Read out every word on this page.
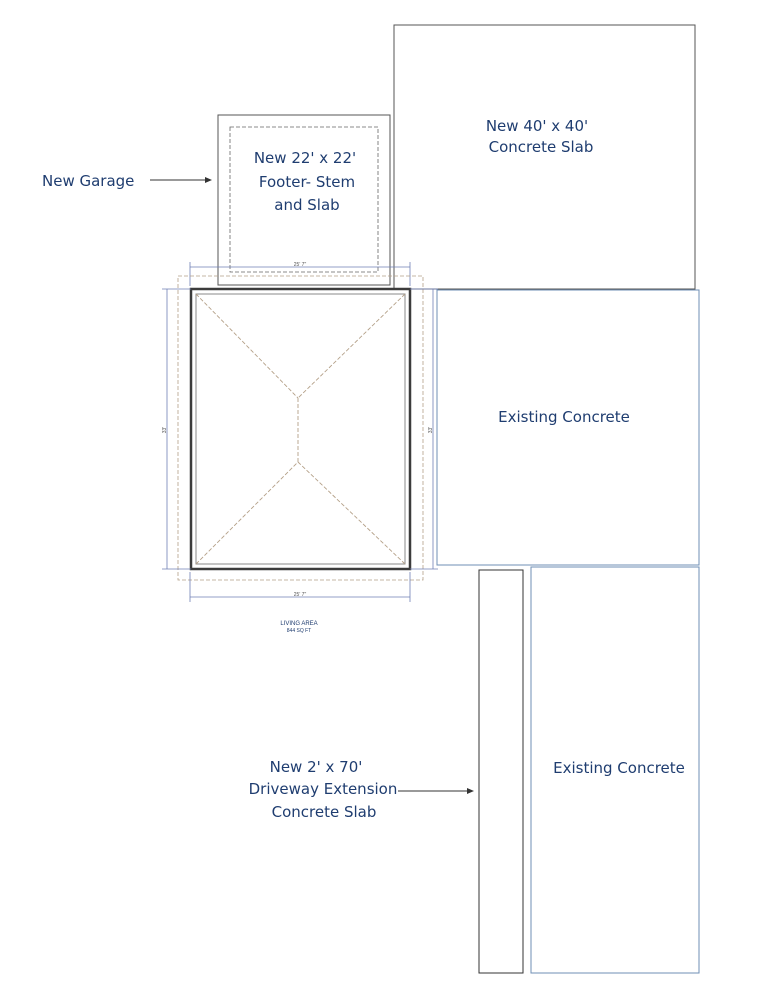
New 40' x 40'
Concrete Slab
New 22' x 22'
Footer- Stem
and Slab
New Garage
25' 7"
Existing Concrete
33'	33'
25' 7"
LIVING AREA
844 SQ FT
New 2' x 70'
Driveway Extension
Concrete Slab
Existing Concrete
